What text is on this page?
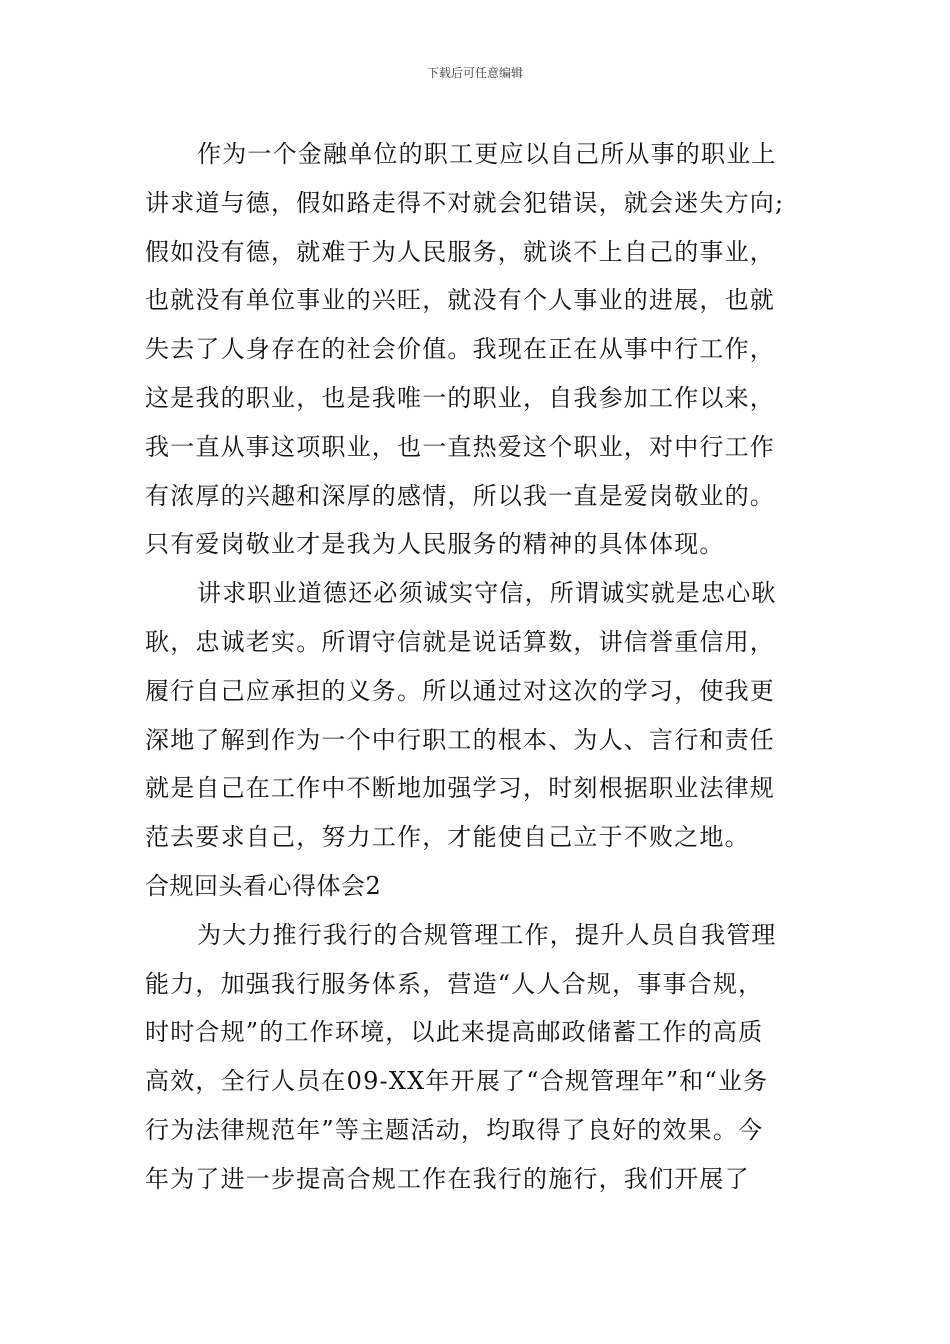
下载后可任意编辑
作为一个金融单位的职工更应以自己所从事的职业上
讲求道与德，假如路走得不对就会犯错误，就会迷失方向;
假如没有德，就难于为人民服务，就谈不上自己的事业，
也就没有单位事业的兴旺，就没有个人事业的进展，也就
失去了人身存在的社会价值。我现在正在从事中行工作，
这是我的职业，也是我唯一的职业，自我参加工作以来，
我一直从事这项职业，也一直热爱这个职业，对中行工作
有浓厚的兴趣和深厚的感情，所以我一直是爱岗敬业的。
只有爱岗敬业才是我为人民服务的精神的具体体现。
讲求职业道德还必须诚实守信，所谓诚实就是忠心耿
耿，忠诚老实。所谓守信就是说话算数，讲信誉重信用，
履行自己应承担的义务。所以通过对这次的学习，使我更
深地了解到作为一个中行职工的根本、为人、言行和责任
就是自己在工作中不断地加强学习，时刻根据职业法律规
范去要求自己，努力工作，才能使自己立于不败之地。
合规回头看心得体会2
为大力推行我行的合规管理工作，提升人员自我管理
能力，加强我行服务体系，营造“人人合规，事事合规，
时时合规”的工作环境，以此来提高邮政储蓄工作的高质
高效，全行人员在09-XX年开展了“合规管理年”和“业务
行为法律规范年”等主题活动，均取得了良好的效果。今
年为了进一步提高合规工作在我行的施行，我们开展了
